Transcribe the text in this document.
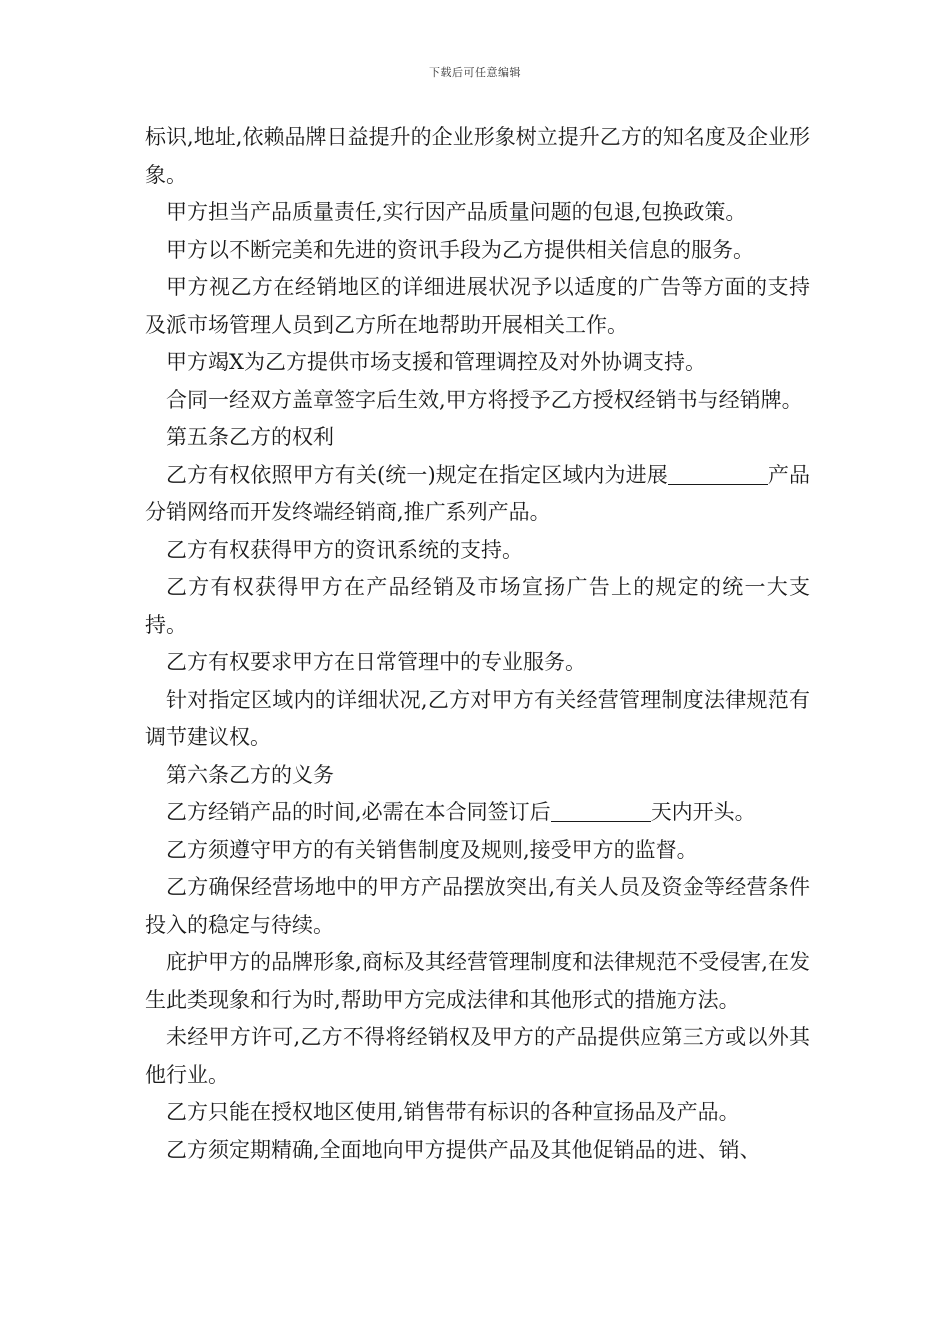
下载后可任意编辑

标识,地址,依赖品牌日益提升的企业形象树立提升乙方的知名度及企业形象。

甲方担当产品质量责任,实行因产品质量问题的包退,包换政策。

甲方以不断完美和先进的资讯手段为乙方提供相关信息的服务。

甲方视乙方在经销地区的详细进展状况予以适度的广告等方面的支持及派市场管理人员到乙方所在地帮助开展相关工作。

甲方竭Ⅹ为乙方提供市场支援和管理调控及对外协调支持。

合同一经双方盖章签字后生效,甲方将授予乙方授权经销书与经销牌。

第五条乙方的权利

乙方有权依照甲方有关(统一)规定在指定区域内为进展	产品分销网络而开发终端经销商,推广系列产品。

乙方有权获得甲方的资讯系统的支持。

乙方有权获得甲方在产品经销及市场宣扬广告上的规定的统一大支持。

乙方有权要求甲方在日常管理中的专业服务。

针对指定区域内的详细状况,乙方对甲方有关经营管理制度法律规范有调节建议权。

第六条乙方的义务

乙方经销产品的时间,必需在本合同签订后	天内开头。

乙方须遵守甲方的有关销售制度及规则,接受甲方的监督。

乙方确保经营场地中的甲方产品摆放突出,有关人员及资金等经营条件投入的稳定与待续。

庇护甲方的品牌形象,商标及其经营管理制度和法律规范不受侵害,在发生此类现象和行为时,帮助甲方完成法律和其他形式的措施方法。

未经甲方许可,乙方不得将经销权及甲方的产品提供应第三方或以外其他行业。

乙方只能在授权地区使用,销售带有标识的各种宣扬品及产品。

乙方须定期精确,全面地向甲方提供产品及其他促销品的进、销、
